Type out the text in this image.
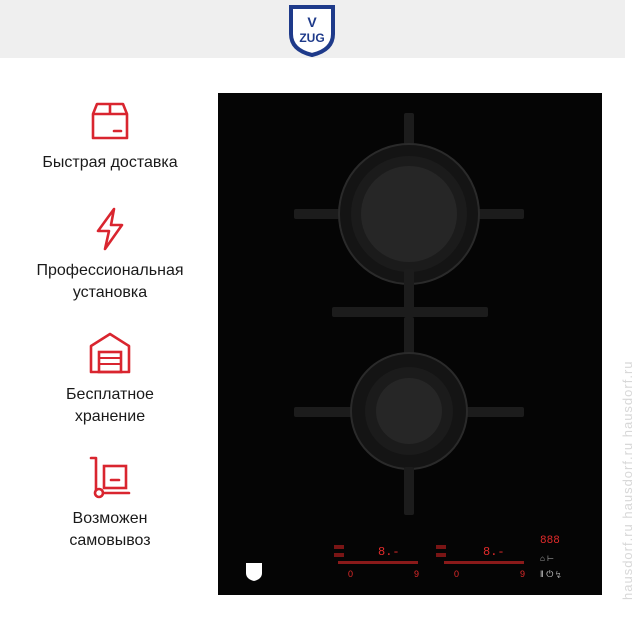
V
ZUG
Быстрая доставка
Профессиональная
установка
Бесплатное
хранение
Возможен
самовывоз
8.-	8.-
888
0	9	0	9
⌂ ⊢
‖ ⏻ ↯	hausdorf.ru hausdorf.ru hausdorf.ru
